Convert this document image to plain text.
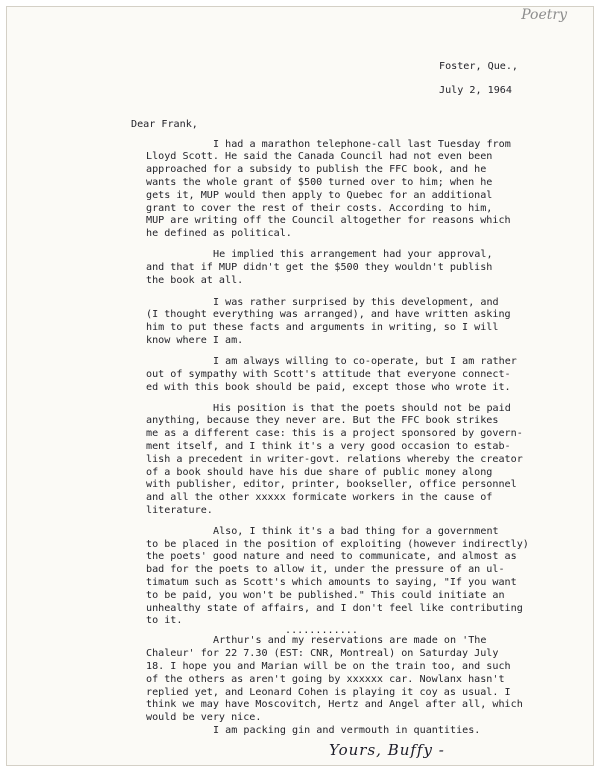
Poetry
Foster, Que.,
July 2, 1964
Dear Frank,
I had a marathon telephone-call last Tuesday from
Lloyd Scott. He said the Canada Council had not even been
approached for a subsidy to publish the FFC book, and he
wants the whole grant of $500 turned over to him; when he
gets it, MUP would then apply to Quebec for an additional
grant to cover the rest of their costs. According to him,
MUP are writing off the Council altogether for reasons which
he defined as political.
He implied this arrangement had your approval,
and that if MUP didn't get the $500 they wouldn't publish
the book at all.
I was rather surprised by this development, and
(I thought everything was arranged), and have written asking
him to put these facts and arguments in writing, so I will
know where I am.
I am always willing to co-operate, but I am rather
out of sympathy with Scott's attitude that everyone connect-
ed with this book should be paid, except those who wrote it.
His position is that the poets should not be paid
anything, because they never are. But the FFC book strikes
me as a different case: this is a project sponsored by govern-
ment itself, and I think it's a very good occasion to estab-
lish a precedent in writer-govt. relations whereby the creator
of a book should have his due share of public money along
with publisher, editor, printer, bookseller, office personnel
and all the other xxxxx formicate workers in the cause of
literature.
Also, I think it's a bad thing for a government
to be placed in the position of exploiting (however indirectly)
the poets' good nature and need to communicate, and almost as
bad for the poets to allow it, under the pressure of an ul-
timatum such as Scott's which amounts to saying, "If you want
to be paid, you won't be published." This could initiate an
unhealthy state of affairs, and I don't feel like contributing
to it.
............
Arthur's and my reservations are made on 'The
Chaleur' for 22 7.30 (EST: CNR, Montreal) on Saturday July
18. I hope you and Marian will be on the train too, and such
of the others as aren't going by xxxxxx car. Nowlanx hasn't
replied yet, and Leonard Cohen is playing it coy as usual. I
think we may have Moscovitch, Hertz and Angel after all, which
would be very nice.
I am packing gin and vermouth in quantities.
Yours, Buffy -
